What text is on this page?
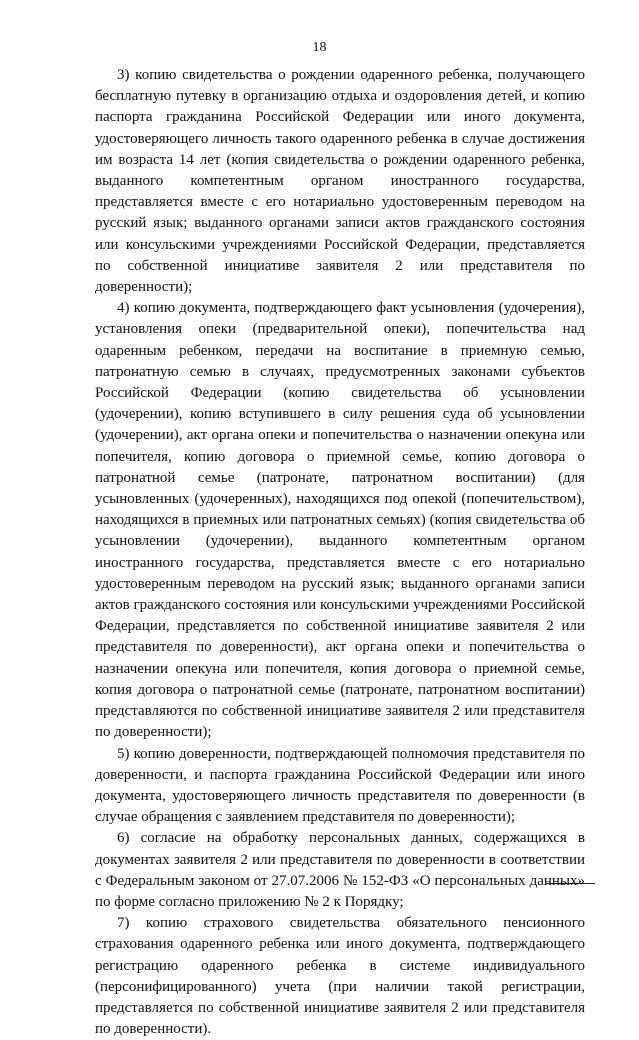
18

3) копию свидетельства о рождении одаренного ребенка, получающего бесплатную путевку в организацию отдыха и оздоровления детей, и копию паспорта гражданина Российской Федерации или иного документа, удостоверяющего личность такого одаренного ребенка в случае достижения им возраста 14 лет (копия свидетельства о рождении одаренного ребенка, выданного компетентным органом иностранного государства, представляется вместе с его нотариально удостоверенным переводом на русский язык; выданного органами записи актов гражданского состояния или консульскими учреждениями Российской Федерации, представляется по собственной инициативе заявителя 2 или представителя по доверенности);

4) копию документа, подтверждающего факт усыновления (удочерения), установления опеки (предварительной опеки), попечительства над одаренным ребенком, передачи на воспитание в приемную семью, патронатную семью в случаях, предусмотренных законами субъектов Российской Федерации (копию свидетельства об усыновлении (удочерении), копию вступившего в силу решения суда об усыновлении (удочерении), акт органа опеки и попечительства о назначении опекуна или попечителя, копию договора о приемной семье, копию договора о патронатной семье (патронате, патронатном воспитании) (для усыновленных (удочеренных), находящихся под опекой (попечительством), находящихся в приемных или патронатных семьях) (копия свидетельства об усыновлении (удочерении), выданного компетентным органом иностранного государства, представляется вместе с его нотариально удостоверенным переводом на русский язык; выданного органами записи актов гражданского состояния или консульскими учреждениями Российской Федерации, представляется по собственной инициативе заявителя 2 или представителя по доверенности), акт органа опеки и попечительства о назначении опекуна или попечителя, копия договора о приемной семье, копия договора о патронатной семье (патронате, патронатном воспитании) представляются по собственной инициативе заявителя 2 или представителя по доверенности);

5) копию доверенности, подтверждающей полномочия представителя по доверенности, и паспорта гражданина Российской Федерации или иного документа, удостоверяющего личность представителя по доверенности (в случае обращения с заявлением представителя по доверенности);

6) согласие на обработку персональных данных, содержащихся в документах заявителя 2 или представителя по доверенности в соответствии с Федеральным законом от 27.07.2006 № 152-ФЗ «О персональных данных» по форме согласно приложению № 2 к Порядку;

7) копию страхового свидетельства обязательного пенсионного страхования одаренного ребенка или иного документа, подтверждающего регистрацию одаренного ребенка в системе индивидуального (персонифицированного) учета (при наличии такой регистрации, представляется по собственной инициативе заявителя 2 или представителя по доверенности).
